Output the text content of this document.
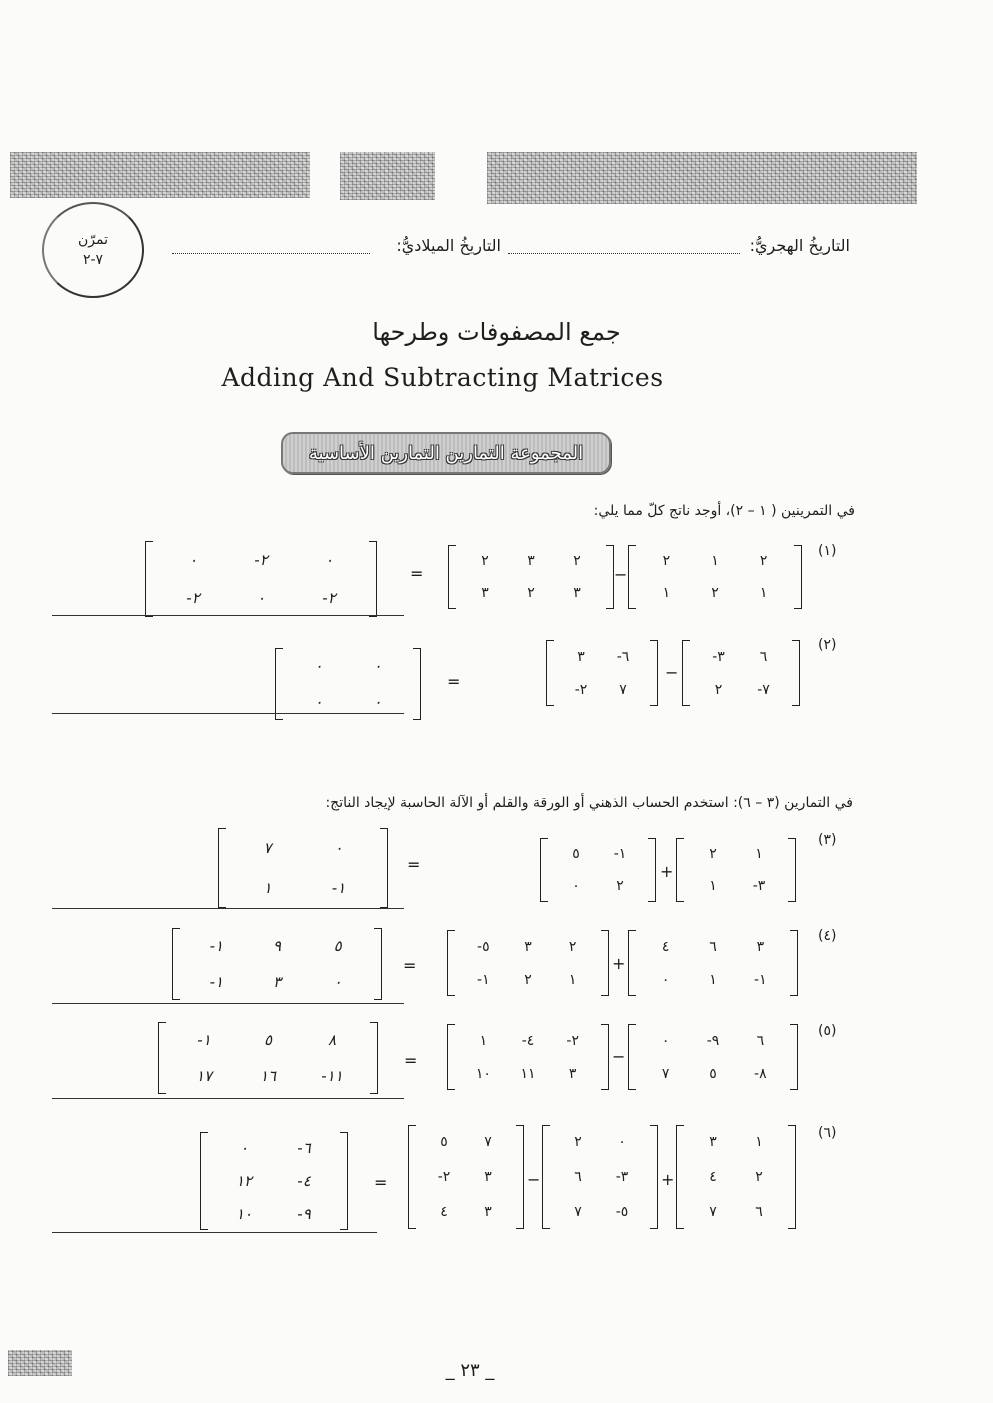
تمرّن
٧-٢
التاريخُ الهجريُّ:
التاريخُ الميلاديُّ:
جمع المصفوفات وطرحها
Adding And Subtracting Matrices
المجموعة التمارين التمارين الأساسية
في التمرينين ( ١ – ٢)، أوجد ناتج كلّ مما يلي:
(١)
٢
١
٢
١
٢
١
−
٢
٣
٢
٣
٢
٣
=
٠
٢-
٠
٢-
٠
٢-
(٢)
٦
٣-
٧-
٢
−
٦-
٣
٧
٢-
=
٠
٠
٠
٠
في التمارين (٣ – ٦): استخدم الحساب الذهني أو الورقة والقلم أو الآلة الحاسبة لإيجاد الناتج:
(٣)
١
٢
٣-
١
+
١-
٥
٢
٠
=
٠
٧
١-
١
(٤)
٣
٦
٤
١-
١
٠
+
٢
٣
٥-
١
٢
١-
=
٥
٩
١-
٠
٣
١-
(٥)
٦
٩-
٠
٨-
٥
٧
−
٢-
٤-
١
٣
١١
١٠
=
٨
٥
١-
١١-
١٦
١٧
(٦)
١
٣
٢
٤
٦
٧
+
٠
٢
٣-
٦
٥-
٧
−
٧
٥
٣
٢-
٣
٤
=
٦-
٠
٤-
١٢
٩-
١٠
_ ٢٣ _
